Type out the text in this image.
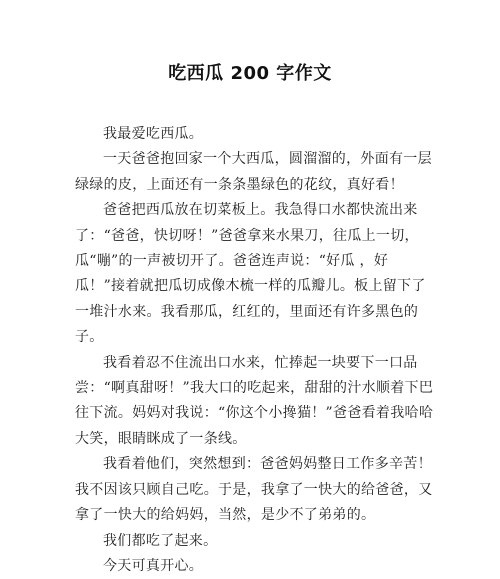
吃西瓜 200 字作文

我最爱吃西瓜。

一天爸爸抱回家一个大西瓜，圆溜溜的，外面有一层绿绿的皮，上面还有一条条墨绿色的花纹，真好看！

爸爸把西瓜放在切菜板上。我急得口水都快流出来了：“爸爸，快切呀！”爸爸拿来水果刀，往瓜上一切，瓜“嘣”的一声被切开了。爸爸连声说：“好瓜 ，好瓜！”接着就把瓜切成像木梳一样的瓜瓣儿。板上留下了一堆汁水来。我看那瓜，红红的，里面还有许多黑色的子。

我看着忍不住流出口水来，忙捧起一块要下一口品尝：“啊真甜呀！”我大口的吃起来，甜甜的汁水顺着下巴往下流。妈妈对我说：“你这个小搀猫！”爸爸看着我哈哈大笑，眼睛眯成了一条线。

我看着他们，突然想到：爸爸妈妈整日工作多辛苦！我不因该只顾自己吃。于是，我拿了一快大的给爸爸，又拿了一快大的给妈妈，当然，是少不了弟弟的。

我们都吃了起来。

今天可真开心。
